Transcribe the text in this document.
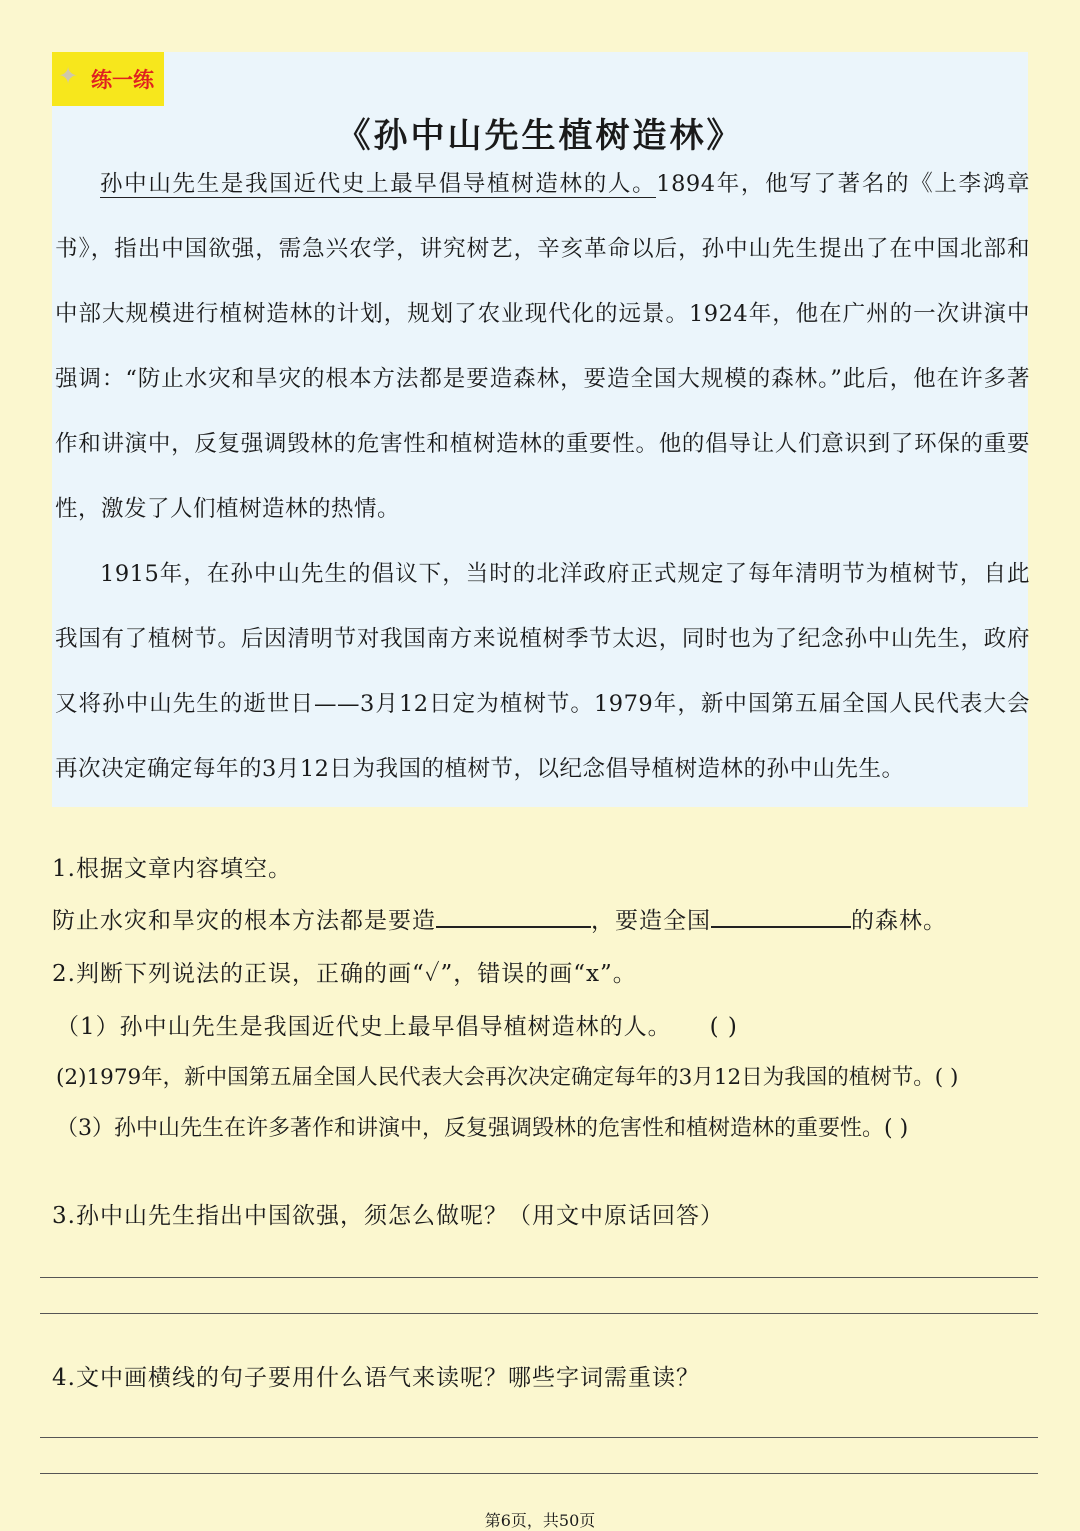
✦ 练一练
《孙中山先生植树造林》

孙中山先生是我国近代史上最早倡导植树造林的人。1894年，他写了著名的《上李鸿章书》，指出中国欲强，需急兴农学，讲究树艺，辛亥革命以后，孙中山先生提出了在中国北部和中部大规模进行植树造林的计划，规划了农业现代化的远景。1924年，他在广州的一次讲演中强调：“防止水灾和旱灾的根本方法都是要造森林，要造全国大规模的森林。”此后，他在许多著作和讲演中，反复强调毁林的危害性和植树造林的重要性。他的倡导让人们意识到了环保的重要性，激发了人们植树造林的热情。

1915年，在孙中山先生的倡议下，当时的北洋政府正式规定了每年清明节为植树节，自此我国有了植树节。后因清明节对我国南方来说植树季节太迟，同时也为了纪念孙中山先生，政府又将孙中山先生的逝世日——3月12日定为植树节。1979年，新中国第五届全国人民代表大会再次决定确定每年的3月12日为我国的植树节，以纪念倡导植树造林的孙中山先生。

1.根据文章内容填空。
防止水灾和旱灾的根本方法都是要造	，要造全国	的森林。
2.判断下列说法的正误，正确的画“✓”，错误的画“x”。
（1）孙中山先生是我国近代史上最早倡导植树造林的人。 ( )
(2)1979年，新中国第五届全国人民代表大会再次决定确定每年的3月12日为我国的植树节。( )
（3）孙中山先生在许多著作和讲演中，反复强调毁林的危害性和植树造林的重要性。( )
3.孙中山先生指出中国欲强，须怎么做呢？（用文中原话回答）
4.文中画横线的句子要用什么语气来读呢？哪些字词需重读？
第6页，共50页
